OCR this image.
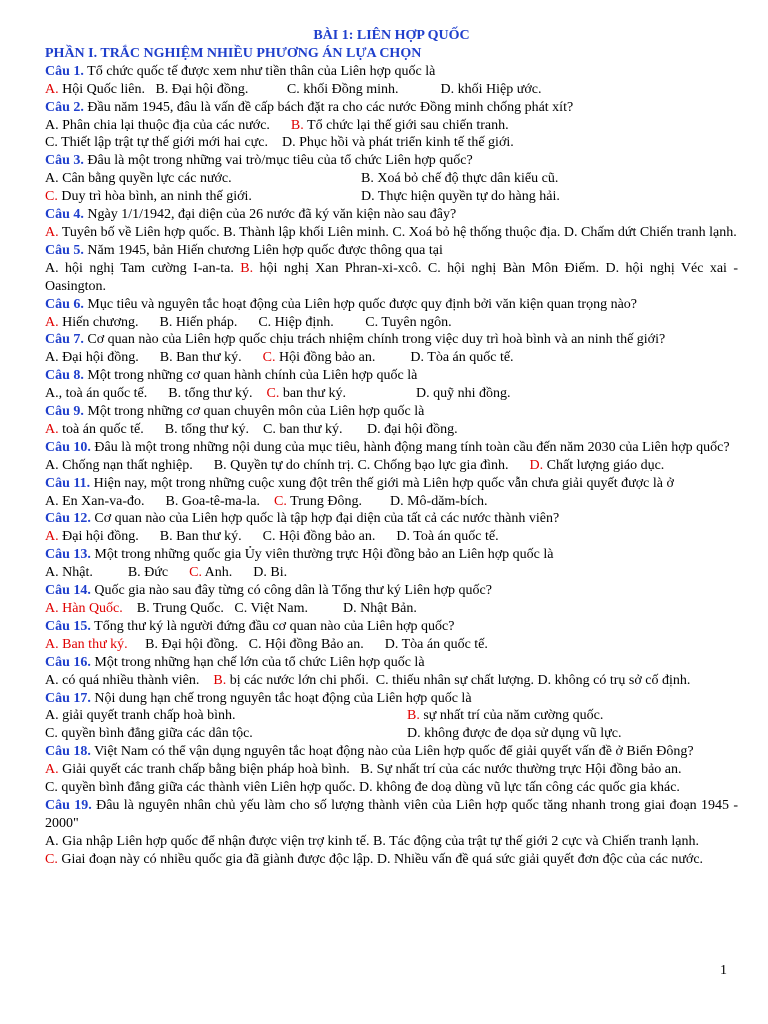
BÀI 1: LIÊN HỢP QUỐC
PHẦN I. TRẮC NGHIỆM NHIỀU PHƯƠNG ÁN LỰA CHỌN
Câu 1. Tổ chức quốc tế được xem như tiền thân của Liên hợp quốc là
A. Hội Quốc liên.   B. Đại hội đồng.           C. khối Đồng minh.            D. khối Hiệp ước.
Câu 2. Đầu năm 1945, đâu là vấn đề cấp bách đặt ra cho các nước Đồng minh chống phát xít?
A. Phân chia lại thuộc địa của các nước.      B. Tổ chức lại thế giới sau chiến tranh.
C. Thiết lập trật tự thế giới mới hai cực.    D. Phục hồi và phát triển kinh tế thế giới.
Câu 3. Đâu là một trong những vai trò/mục tiêu của tổ chức Liên hợp quốc?
A. Cân bằng quyền lực các nước.	B. Xoá bỏ chế độ thực dân kiểu cũ.
C. Duy trì hòa bình, an ninh thế giới.	D. Thực hiện quyền tự do hàng hải.
Câu 4. Ngày 1/1/1942, đại diện của 26 nước đã ký văn kiện nào sau đây?
A. Tuyên bố về Liên hợp quốc. B. Thành lập khối Liên minh. C. Xoá bỏ hệ thống thuộc địa. D. Chấm dứt Chiến tranh lạnh.
Câu 5. Năm 1945, bản Hiến chương Liên hợp quốc được thông qua tại
A. hội nghị Tam cường I-an-ta. B. hội nghị Xan Phran-xi-xcô. C. hội nghị Bàn Môn Điếm. D. hội nghị Véc xai - Oasington.
Câu 6. Mục tiêu và nguyên tắc hoạt động của Liên hợp quốc được quy định bởi văn kiện quan trọng nào?
A. Hiến chương.      B. Hiến pháp.      C. Hiệp định.         C. Tuyên ngôn.
Câu 7. Cơ quan nào của Liên hợp quốc chịu trách nhiệm chính trong việc duy trì hoà bình và an ninh thế giới?
A. Đại hội đồng.      B. Ban thư ký.      C. Hội đồng bảo an.          D. Tòa án quốc tế.
Câu 8. Một trong những cơ quan hành chính của Liên hợp quốc là
A., toà án quốc tế.      B. tổng thư ký.    C. ban thư ký.                    D. quỹ nhi đồng.
Câu 9. Một trong những cơ quan chuyên môn của Liên hợp quốc là
A. toà án quốc tế.      B. tổng thư ký.    C. ban thư ký.       D. đại hội đồng.
Câu 10. Đâu là một trong những nội dung của mục tiêu, hành động mang tính toàn cầu đến năm 2030 của Liên hợp quốc?
A. Chống nạn thất nghiệp.      B. Quyền tự do chính trị. C. Chống bạo lực gia đình.      D. Chất lượng giáo dục.
Câu 11. Hiện nay, một trong những cuộc xung đột trên thế giới mà Liên hợp quốc vẫn chưa giải quyết được là ở
A. En Xan-va-đo.      B. Goa-tê-ma-la.    C. Trung Đông.        D. Mô-dăm-bích.
Câu 12. Cơ quan nào của Liên hợp quốc là tập hợp đại diện của tất cả các nước thành viên?
A. Đại hội đồng.      B. Ban thư ký.      C. Hội đồng bảo an.      D. Toà án quốc tế.
Câu 13. Một trong những quốc gia Ủy viên thường trực Hội đồng bảo an Liên hợp quốc là
A. Nhật.          B. Đức      C. Anh.      D. Bi.
Câu 14. Quốc gia nào sau đây từng có công dân là Tổng thư ký Liên hợp quốc?
A. Hàn Quốc.    B. Trung Quốc.   C. Việt Nam.          D. Nhật Bản.
Câu 15. Tổng thư ký là người đứng đầu cơ quan nào của Liên hợp quốc?
A. Ban thư ký.     B. Đại hội đồng.   C. Hội đồng Bảo an.      D. Tòa án quốc tế.
Câu 16. Một trong những hạn chế lớn của tổ chức Liên hợp quốc là
A. có quá nhiều thành viên.    B. bị các nước lớn chi phối.  C. thiếu nhân sự chất lượng. D. không có trụ sở cố định.
Câu 17. Nội dung hạn chế trong nguyên tắc hoạt động của Liên hợp quốc là
A. giải quyết tranh chấp hoà bình.	B. sự nhất trí của năm cường quốc.
C. quyền bình đẳng giữa các dân tộc.	D. không được đe dọa sử dụng vũ lực.
Câu 18. Việt Nam có thể vận dụng nguyên tắc hoạt động nào của Liên hợp quốc để giải quyết vấn đề ở Biển Đông?
A. Giải quyết các tranh chấp bằng biện pháp hoà bình.   B. Sự nhất trí của các nước thường trực Hội đồng bảo an.
C. quyền bình đẳng giữa các thành viên Liên hợp quốc. D. không đe doạ dùng vũ lực tấn công các quốc gia khác.
Câu 19. Đâu là nguyên nhân chủ yếu làm cho số lượng thành viên của Liên hợp quốc tăng nhanh trong giai đoạn 1945 - 2000"
A. Gia nhập Liên hợp quốc để nhận được viện trợ kinh tế. B. Tác động của trật tự thế giới 2 cực và Chiến tranh lạnh.
C. Giai đoạn này có nhiều quốc gia đã giành được độc lập. D. Nhiều vấn đề quá sức giải quyết đơn độc của các nước.
1
